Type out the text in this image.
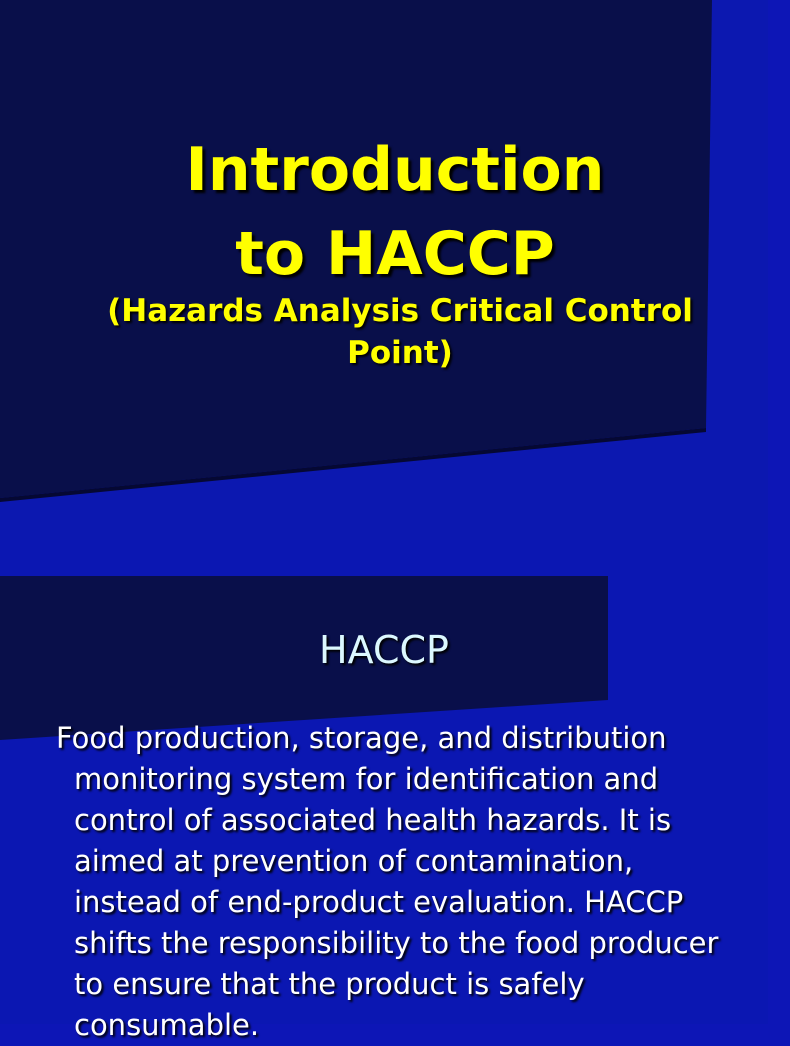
Introduction
to HACCP

(Hazards Analysis Critical Control Point)

HACCP

Food production, storage, and distribution monitoring system for identification and control of associated health hazards. It is aimed at prevention of contamination, instead of end-product evaluation. HACCP shifts the responsibility to the food producer to ensure that the product is safely consumable.
